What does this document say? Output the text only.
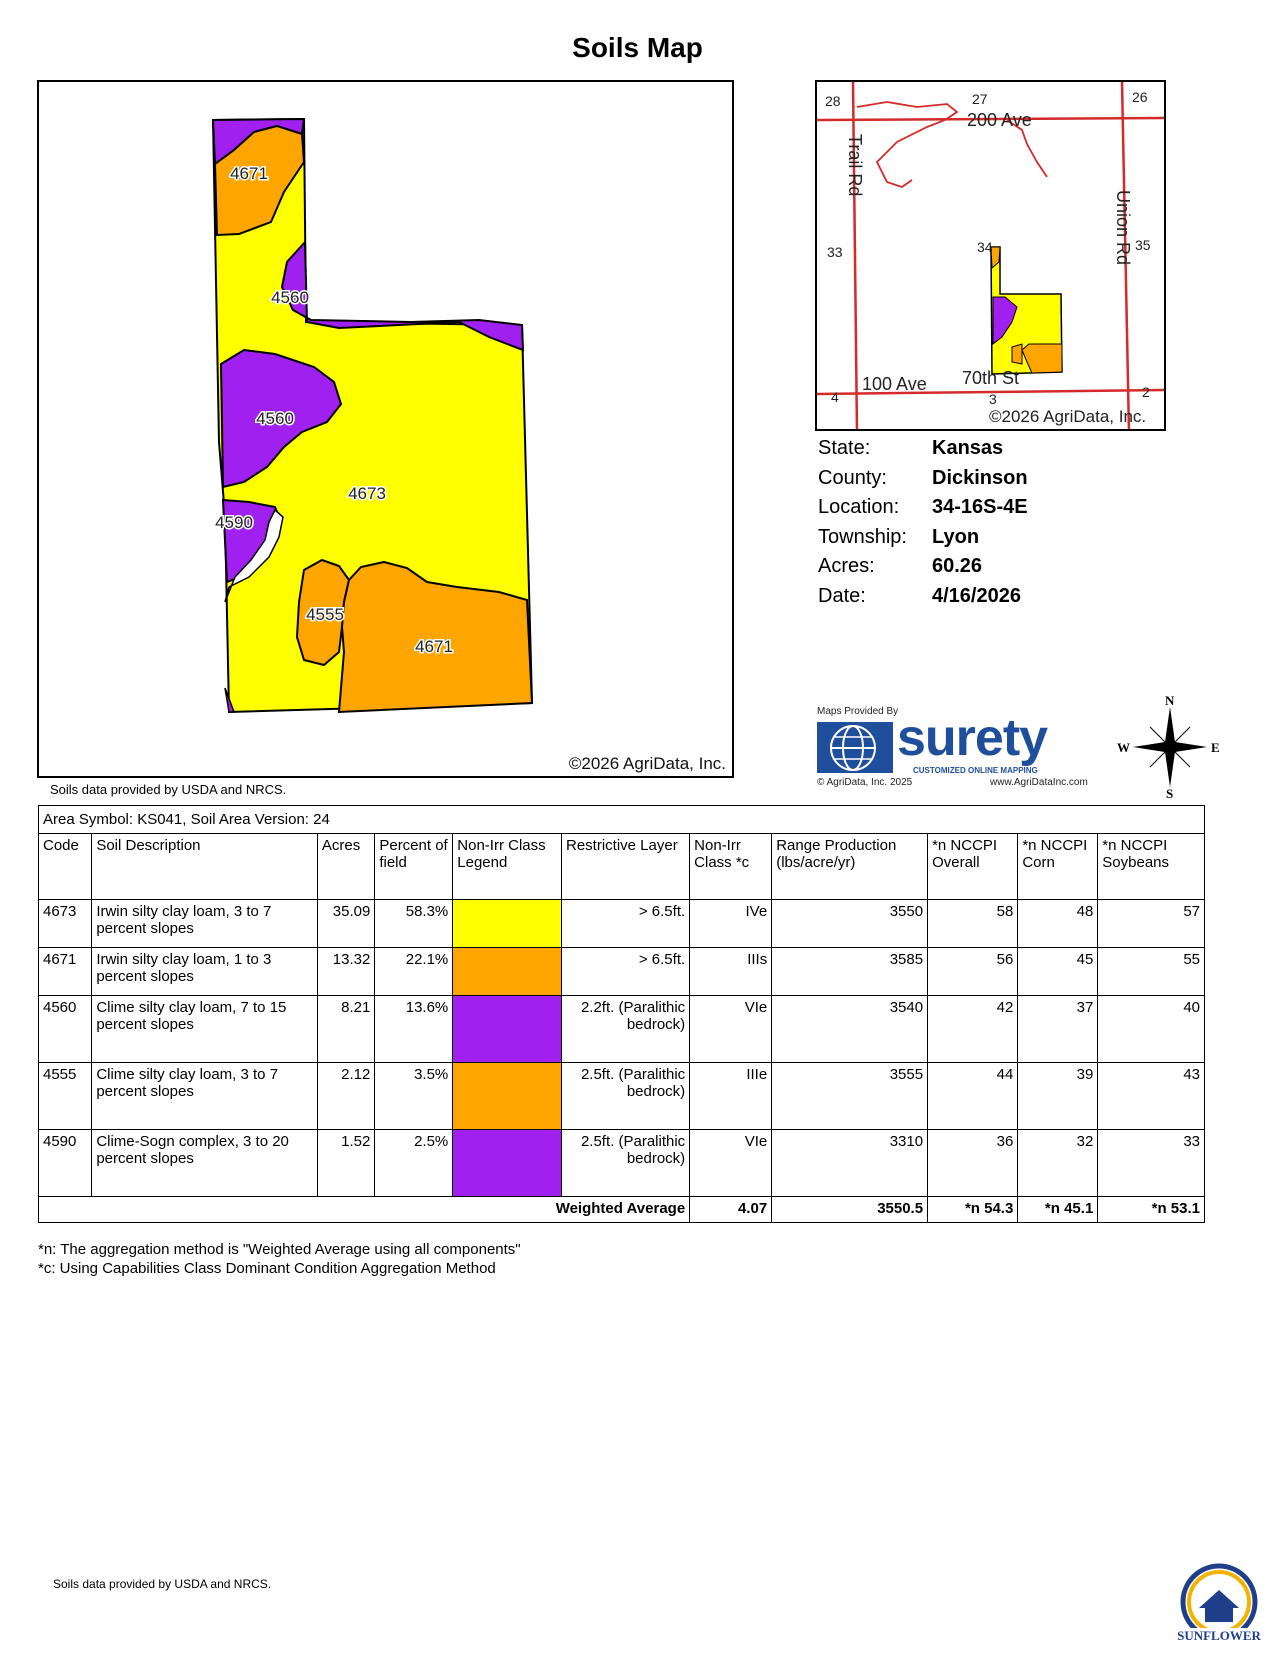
Soils Map
4671
4560
4560
4673
4590
4555
4671
©2026 AgriData, Inc.
Soils data provided by USDA and NRCS.
28	27	26
33	34	35
4	3	2
200 Ave
Trail Rd
Union Rd
100 Ave 70th St
©2026 AgriData, Inc.
State:	Kansas
County:	Dickinson
Location:	34-16S-4E
Township:	Lyon
Acres:	60.26
Date:	4/16/2026
Maps Provided By
surety
CUSTOMIZED ONLINE MAPPING
© AgriData, Inc. 2025	www.AgriDataInc.com
N
S
E
W
Area Symbol: KS041, Soil Area Version: 24										
Code	Soil Description	Acres	Percent of field	Non-Irr Class Legend	Restrictive Layer	Non-Irr Class *c	Range Production (lbs/acre/yr)	*n NCCPI Overall	*n NCCPI Corn	*n NCCPI Soybeans
4673	Irwin silty clay loam, 3 to 7 percent slopes	35.09	58.3%		> 6.5ft.	IVe	3550	58	48	57
4671	Irwin silty clay loam, 1 to 3 percent slopes	13.32	22.1%		> 6.5ft.	IIIs	3585	56	45	55
4560	Clime silty clay loam, 7 to 15 percent slopes	8.21	13.6%		2.2ft. (Paralithic bedrock)	VIe	3540	42	37	40
4555	Clime silty clay loam, 3 to 7 percent slopes	2.12	3.5%		2.5ft. (Paralithic bedrock)	IIIe	3555	44	39	43
4590	Clime-Sogn complex, 3 to 20 percent slopes	1.52	2.5%		2.5ft. (Paralithic bedrock)	VIe	3310	36	32	33
Weighted Average						4.07	3550.5	*n 54.3	*n 45.1	*n 53.1
*n: The aggregation method is "Weighted Average using all components"
*c: Using Capabilities Class Dominant Condition Aggregation Method
Soils data provided by USDA and NRCS.
SUNFLOWER
